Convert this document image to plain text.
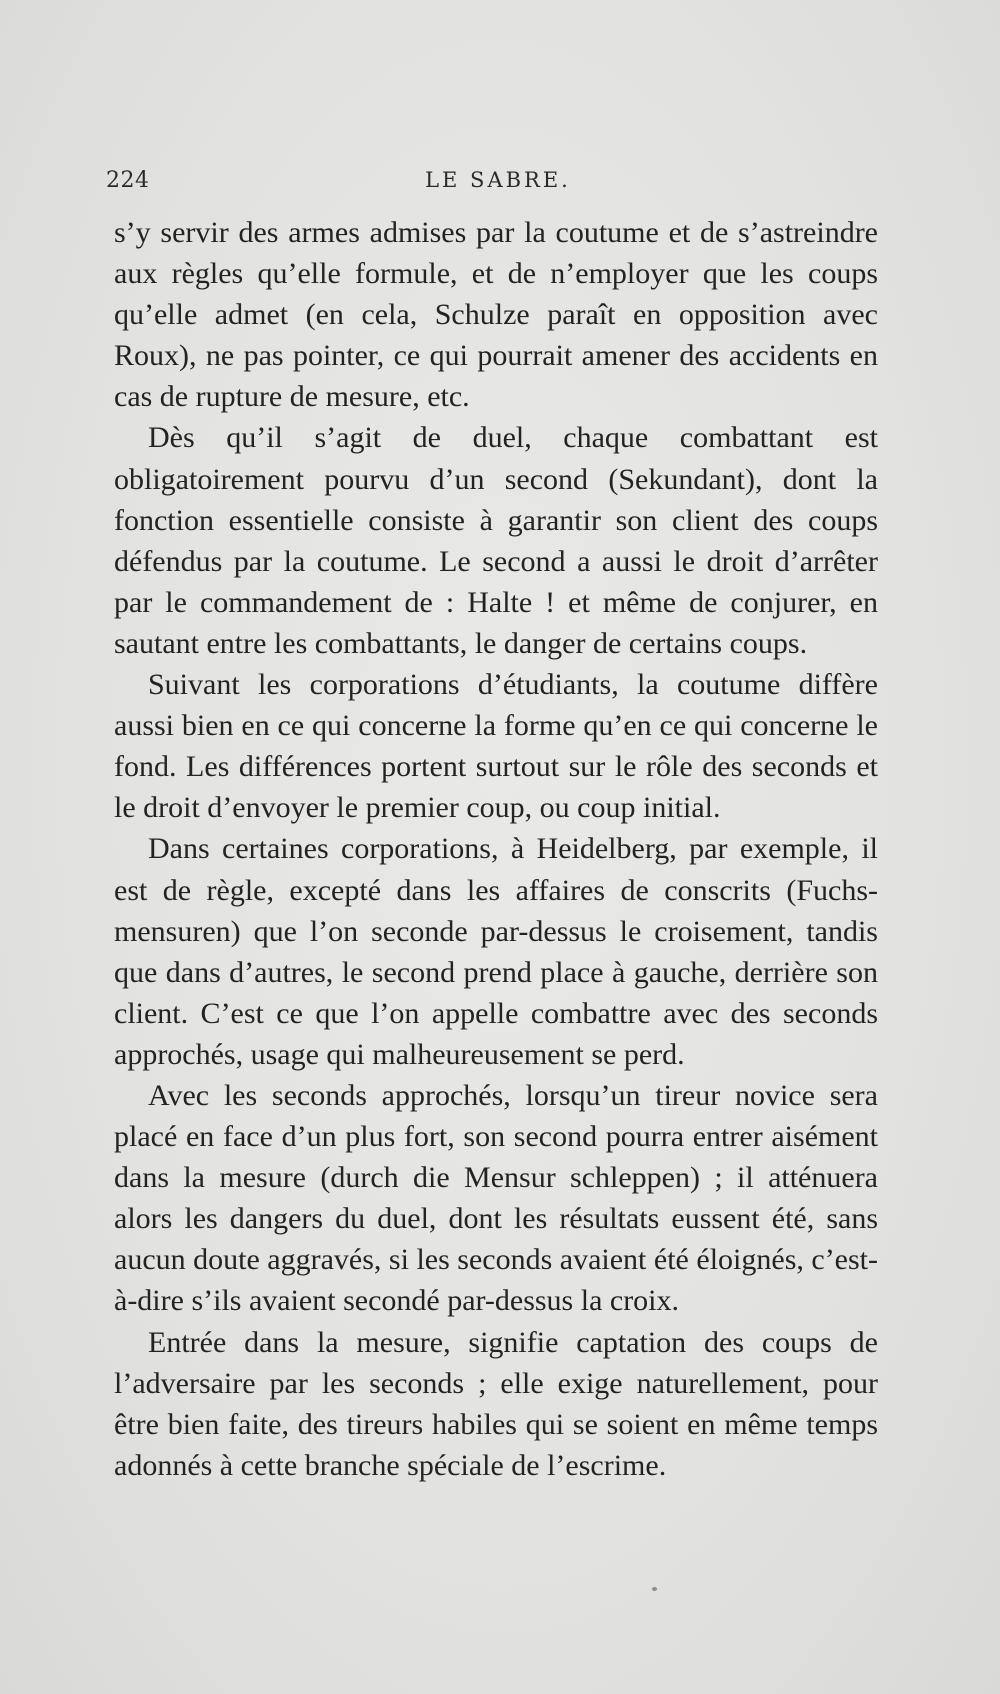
224	LE SABRE.

s’y servir des armes admises par la coutume et de s’astreindre aux règles qu’elle formule, et de n’employer que les coups qu’elle admet (en cela, Schulze paraît en opposition avec Roux), ne pas pointer, ce qui pourrait amener des accidents en cas de rupture de mesure, etc.

Dès qu’il s’agit de duel, chaque combattant est obligatoirement pourvu d’un second (Sekundant), dont la fonction essentielle consiste à garantir son client des coups défendus par la coutume. Le second a aussi le droit d’arrêter par le commandement de : Halte ! et même de conjurer, en sautant entre les combattants, le danger de certains coups.

Suivant les corporations d’étudiants, la coutume diffère aussi bien en ce qui concerne la forme qu’en ce qui concerne le fond. Les différences portent surtout sur le rôle des seconds et le droit d’envoyer le premier coup, ou coup initial.

Dans certaines corporations, à Heidelberg, par exemple, il est de règle, excepté dans les affaires de conscrits (Fuchs-mensuren) que l’on seconde par-dessus le croisement, tandis que dans d’autres, le second prend place à gauche, derrière son client. C’est ce que l’on appelle combattre avec des seconds approchés, usage qui malheureusement se perd.

Avec les seconds approchés, lorsqu’un tireur novice sera placé en face d’un plus fort, son second pourra entrer aisément dans la mesure (durch die Mensur schleppen) ; il atténuera alors les dangers du duel, dont les résultats eussent été, sans aucun doute aggravés, si les seconds avaient été éloignés, c’est-à-dire s’ils avaient secondé par-dessus la croix.

Entrée dans la mesure, signifie captation des coups de l’adversaire par les seconds ; elle exige naturellement, pour être bien faite, des tireurs habiles qui se soient en même temps adonnés à cette branche spéciale de l’escrime.
